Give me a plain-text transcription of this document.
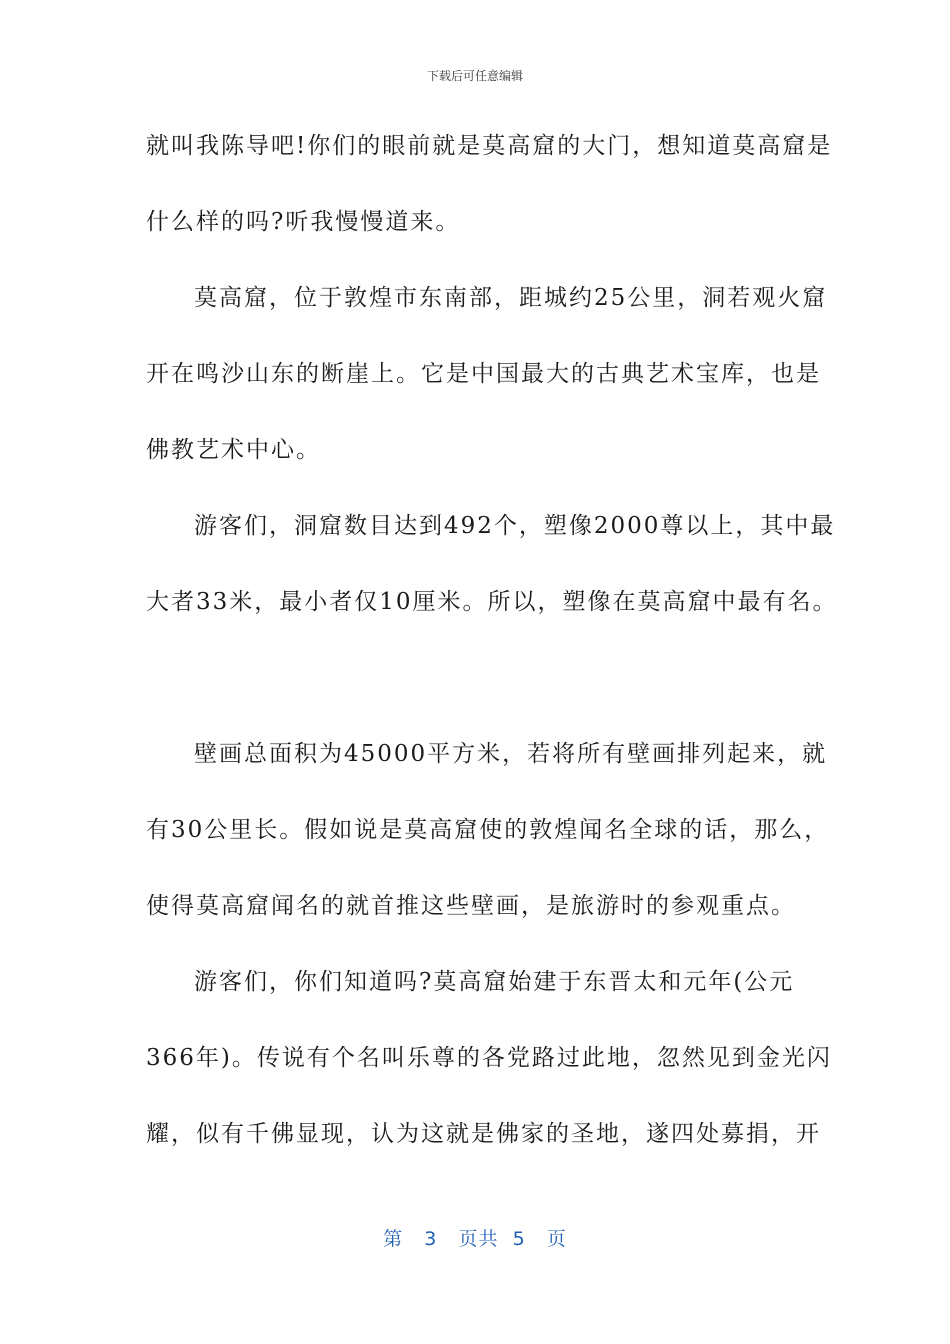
下载后可任意编辑
就叫我陈导吧!你们的眼前就是莫高窟的大门，想知道莫高窟是
什么样的吗?听我慢慢道来。
莫高窟，位于敦煌市东南部，距城约25公里，洞若观火窟
开在鸣沙山东的断崖上。它是中国最大的古典艺术宝库，也是
佛教艺术中心。
游客们，洞窟数目达到492个，塑像2000尊以上，其中最
大者33米，最小者仅10厘米。所以，塑像在莫高窟中最有名。
壁画总面积为45000平方米，若将所有壁画排列起来，就
有30公里长。假如说是莫高窟使的敦煌闻名全球的话，那么，
使得莫高窟闻名的就首推这些壁画，是旅游时的参观重点。
游客们，你们知道吗?莫高窟始建于东晋太和元年(公元
366年)。传说有个名叫乐尊的各党路过此地，忽然见到金光闪
耀，似有千佛显现，认为这就是佛家的圣地，遂四处募捐，开
第 3 页共 5 页
